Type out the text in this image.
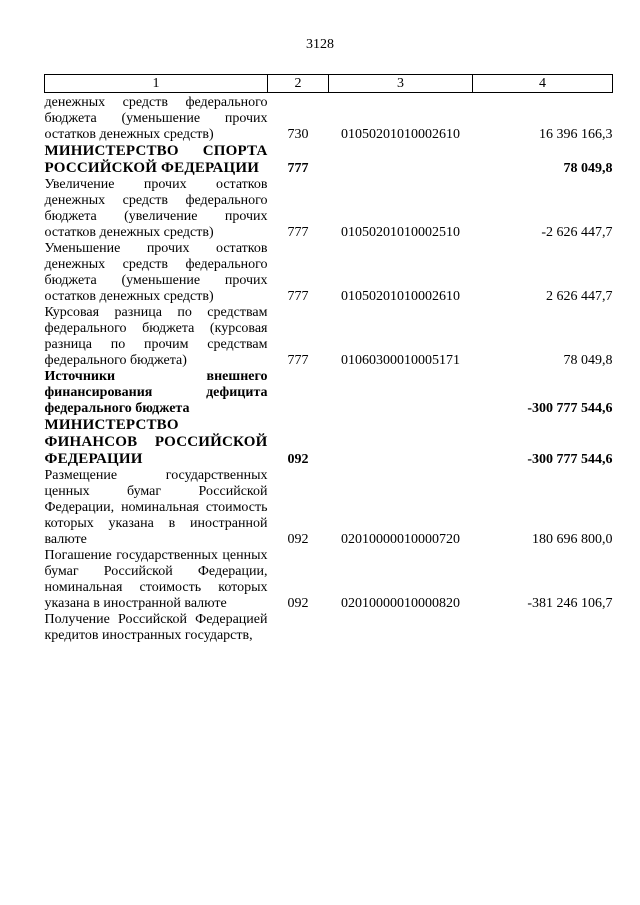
3128
1	2	3	4
денежных средств федерального бюджета (уменьшение прочих остатков денежных средств)	730	01050201010002610	16 396 166,3
МИНИСТЕРСТВО СПОРТА РОССИЙСКОЙ ФЕДЕРАЦИИ	777		78 049,8
Увеличение прочих остатков денежных средств федерального бюджета (увеличение прочих остатков денежных средств)	777	01050201010002510	-2 626 447,7
Уменьшение прочих остатков денежных средств федерального бюджета (уменьшение прочих остатков денежных средств)	777	01050201010002610	2 626 447,7
Курсовая разница по средствам федерального бюджета (курсовая разница по прочим средствам федерального бюджета)	777	01060300010005171	78 049,8
Источники внешнего финансирования дефицита федерального бюджета			-300 777 544,6
МИНИСТЕРСТВО ФИНАНСОВ РОССИЙСКОЙ ФЕДЕРАЦИИ	092		-300 777 544,6
Размещение государственных ценных бумаг Российской Федерации, номинальная стоимость которых указана в иностранной валюте	092	02010000010000720	180 696 800,0
Погашение государственных ценных бумаг Российской Федерации, номинальная стоимость которых указана в иностранной валюте	092	02010000010000820	-381 246 106,7
Получение Российской Федерацией кредитов иностранных государств,			
